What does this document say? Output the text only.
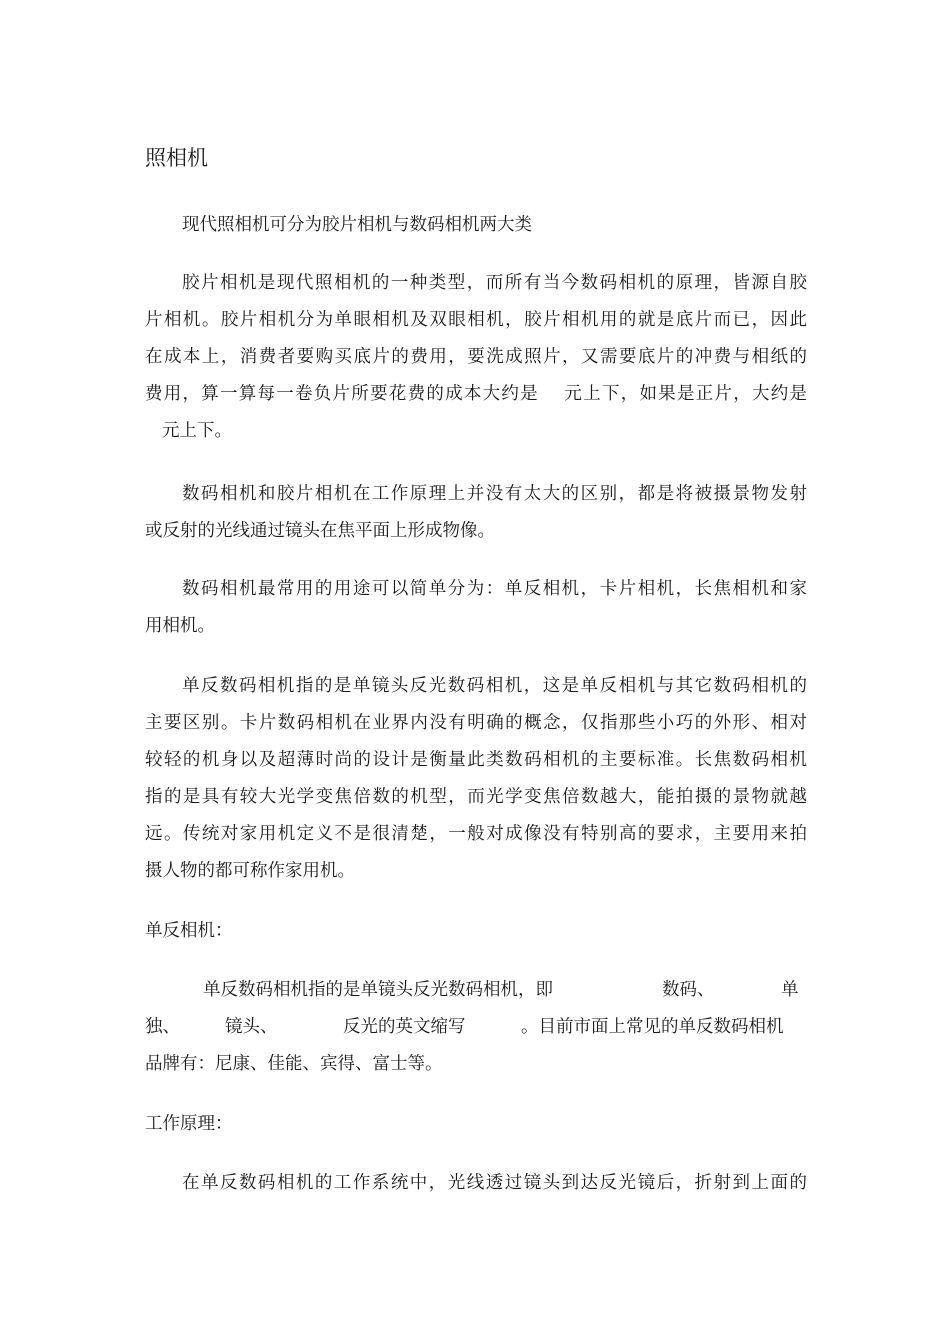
照相机
现代照相机可分为胶片相机与数码相机两大类
胶片相机是现代照相机的一种类型，而所有当今数码相机的原理，皆源自胶
片相机。胶片相机分为单眼相机及双眼相机，胶片相机用的就是底片而已，因此
在成本上，消费者要购买底片的费用，要洗成照片，又需要底片的冲费与相纸的
费用，算一算每一卷负片所要花费的成本大约是　 元上下，如果是正片，大约是
元上下。
数码相机和胶片相机在工作原理上并没有太大的区别，都是将被摄景物发射
或反射的光线通过镜头在焦平面上形成物像。
数码相机最常用的用途可以简单分为：单反相机，卡片相机，长焦相机和家
用相机。
单反数码相机指的是单镜头反光数码相机，这是单反相机与其它数码相机的
主要区别。卡片数码相机在业界内没有明确的概念，仅指那些小巧的外形、相对
较轻的机身以及超薄时尚的设计是衡量此类数码相机的主要标准。长焦数码相机
指的是具有较大光学变焦倍数的机型，而光学变焦倍数越大，能拍摄的景物就越
远。传统对家用机定义不是很清楚，一般对成像没有特别高的要求，主要用来拍
摄人物的都可称作家用机。
单反相机：
单反数码相机指的是单镜头反光数码相机，即	数码、	单
独、	镜头、	反光的英文缩写	。目前市面上常见的单反数码相机
品牌有：尼康、佳能、宾得、富士等。
工作原理：
在单反数码相机的工作系统中，光线透过镜头到达反光镜后，折射到上面的
